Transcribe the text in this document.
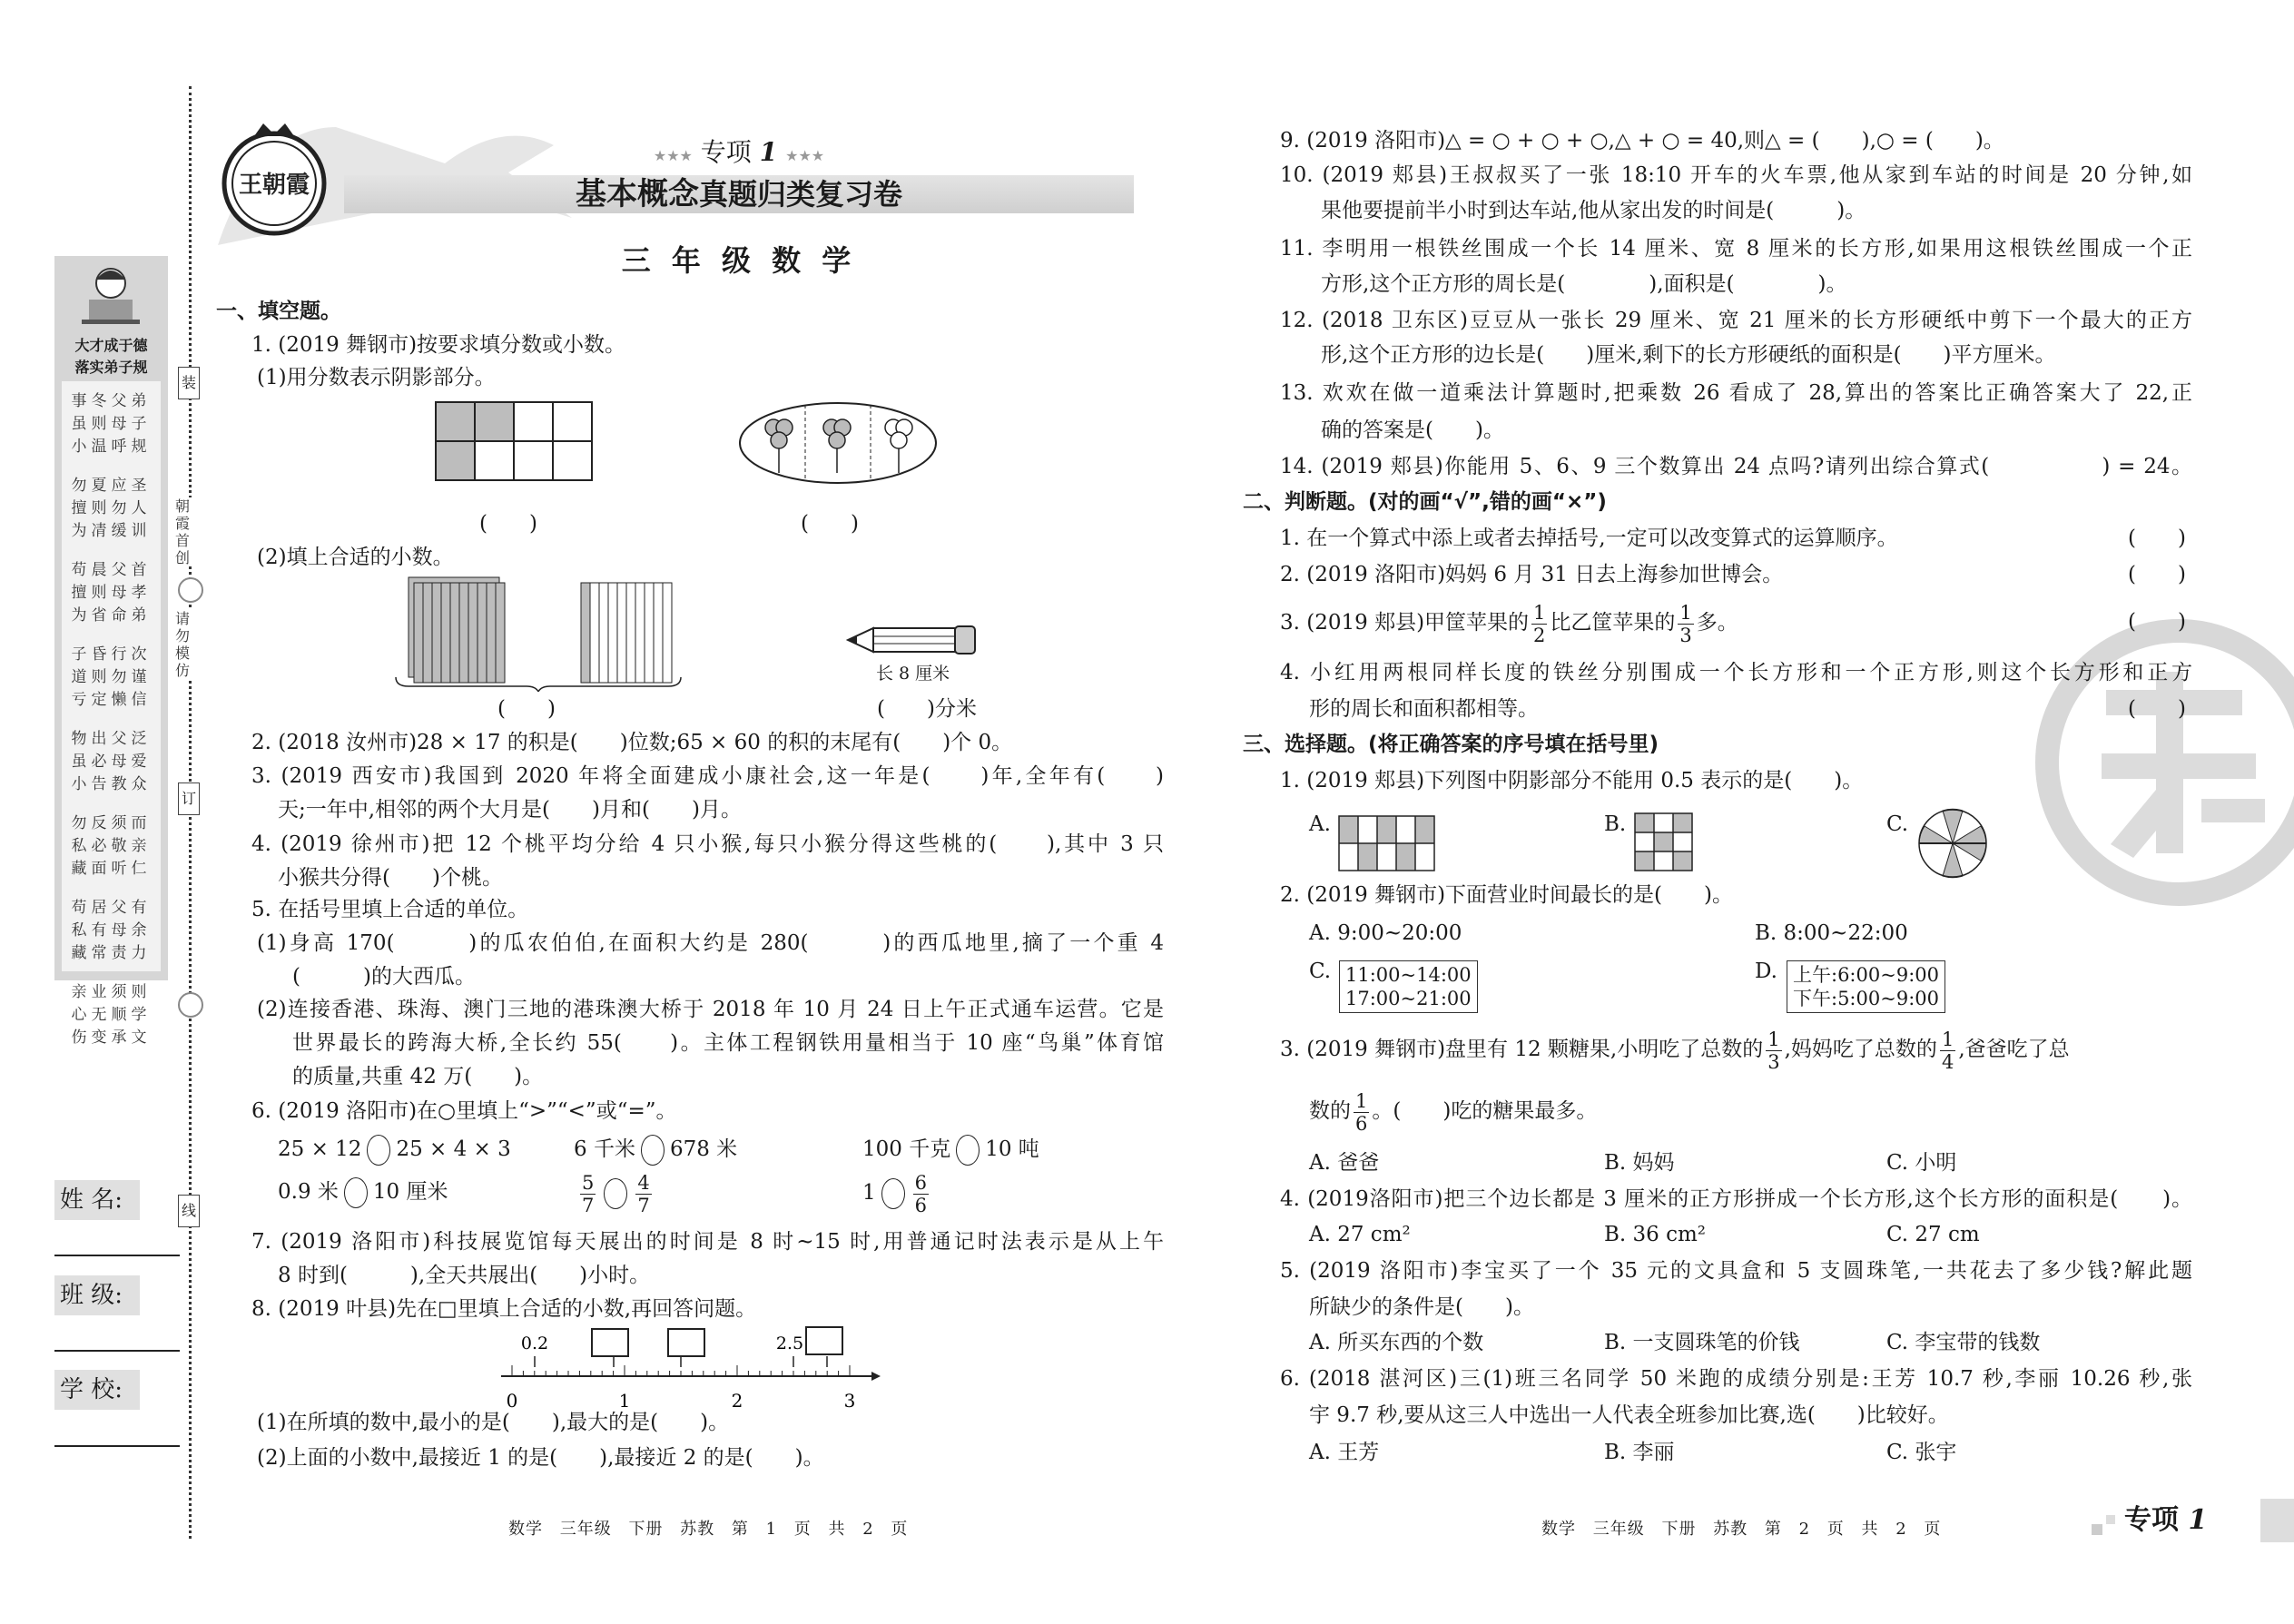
王朝霞
★★★ 专项 1 ★★★
基本概念真题归类复习卷
三 年 级 数 学
大才成于德
落实弟子规
事冬父弟
虽则母子
小温呼规
勿夏应圣
擅则勿人
为凊缓训
苟晨父首
擅则母孝
为省命弟
子昏行次
道则勿谨
亏定懒信
物出父泛
虽必母爱
小告教众
勿反须而
私必敬亲
藏面听仁
苟居父有
私有母余
藏常责力
亲业须则
心无顺学
伤变承文
装
朝霞首创
请勿模仿
订
线
姓 名:
班 级:
学 校:
一、填空题。
1. (2019 舞钢市)按要求填分数或小数。
(1)用分数表示阴影部分。
(　　)	(　　)
(2)填上合适的小数。
长 8 厘米
(　　)	(　　)分米
2. (2018 汝州市)28 × 17 的积是(　　)位数;65 × 60 的积的末尾有(　　)个 0。
3. (2019 西安市)我国到 2020 年将全面建成小康社会,这一年是(　　)年,全年有(　　)
天;一年中,相邻的两个大月是(　　)月和(　　)月。
4. (2019 徐州市)把 12 个桃平均分给 4 只小猴,每只小猴分得这些桃的(　　),其中 3 只
小猴共分得(　　)个桃。
5. 在括号里填上合适的单位。
(1)身高 170(　　　)的瓜农伯伯,在面积大约是 280(　　　)的西瓜地里,摘了一个重 4
(　　　)的大西瓜。
(2)连接香港、珠海、澳门三地的港珠澳大桥于 2018 年 10 月 24 日上午正式通车运营。它是
世界最长的跨海大桥,全长约 55(　　)。主体工程钢铁用量相当于 10 座“鸟巢”体育馆
的质量,共重 42 万(　　)。
6. (2019 洛阳市)在○里填上“>”“<”或“=”。
25 × 12 25 × 4 × 3	6 千米 678 米	100 千克 10 吨
0.9 米 10 厘米	$\frac{5}{7} \frac{4}{7}$	$1 \frac{6}{6}$
7. (2019 洛阳市)科技展览馆每天展出的时间是 8 时~15 时,用普通记时法表示是从上午
8 时到(　　　),全天共展出(　　)小时。
8. (2019 叶县)先在□里填上合适的小数,再回答问题。
0.2	2.5
0	1	2	3
(1)在所填的数中,最小的是(　　),最大的是(　　)。
(2)上面的小数中,最接近 1 的是(　　),最接近 2 的是(　　)。
数学 三年级 下册 苏教 第 1 页 共 2 页
9. (2019 洛阳市)△ = ○ + ○ + ○,△ + ○ = 40,则△ = (　　),○ = (　　)。
10. (2019 郏县)王叔叔买了一张 18:10 开车的火车票,他从家到车站的时间是 20 分钟,如
果他要提前半小时到达车站,他从家出发的时间是(　　　)。
11. 李明用一根铁丝围成一个长 14 厘米、宽 8 厘米的长方形,如果用这根铁丝围成一个正
方形,这个正方形的周长是(　　　　),面积是(　　　　)。
12. (2018 卫东区)豆豆从一张长 29 厘米、宽 21 厘米的长方形硬纸中剪下一个最大的正方
形,这个正方形的边长是(　　)厘米,剩下的长方形硬纸的面积是(　　)平方厘米。
13. 欢欢在做一道乘法计算题时,把乘数 26 看成了 28,算出的答案比正确答案大了 22,正
确的答案是(　　)。
14. (2019 郏县)你能用 5、6、9 三个数算出 24 点吗?请列出综合算式(　　　　　) = 24。
二、判断题。(对的画“√”,错的画“×”)
1. 在一个算式中添上或者去掉括号,一定可以改变算式的运算顺序。	(　　)
2. (2019 洛阳市)妈妈 6 月 31 日去上海参加世博会。	(　　)
3. (2019 郏县)甲筐苹果的 $\frac{1}{2}$ 比乙筐苹果的 $\frac{1}{3}$ 多。	(　　)
4. 小红用两根同样长度的铁丝分别围成一个长方形和一个正方形,则这个长方形和正方
形的周长和面积都相等。	(　　)
三、选择题。(将正确答案的序号填在括号里)
1. (2019 郏县)下列图中阴影部分不能用 0.5 表示的是(　　)。
A.	B.	C.
2. (2019 舞钢市)下面营业时间最长的是(　　)。
A. 9:00~20:00	B. 8:00~22:00
C. 11:00~14:00
17:00~21:00
D. 上午:6:00~9:00
下午:5:00~9:00
3. (2019 舞钢市)盘里有 12 颗糖果,小明吃了总数的 $\frac{1}{3}$ ,妈妈吃了总数的 $\frac{1}{4}$ ,爸爸吃了总
数的 $\frac{1}{6}$ 。(　　)吃的糖果最多。
A. 爸爸	B. 妈妈	C. 小明
4. (2019洛阳市)把三个边长都是 3 厘米的正方形拼成一个长方形,这个长方形的面积是(　　)。
A. 27 cm²	B. 36 cm²	C. 27 cm
5. (2019 洛阳市)李宝买了一个 35 元的文具盒和 5 支圆珠笔,一共花去了多少钱?解此题
所缺少的条件是(　　)。
A. 所买东西的个数	B. 一支圆珠笔的价钱	C. 李宝带的钱数
6. (2018 湛河区)三(1)班三名同学 50 米跑的成绩分别是:王芳 10.7 秒,李丽 10.26 秒,张
宇 9.7 秒,要从这三人中选出一人代表全班参加比赛,选(　　)比较好。
A. 王芳	B. 李丽	C. 张宇
数学 三年级 下册 苏教 第 2 页 共 2 页	专项 1
